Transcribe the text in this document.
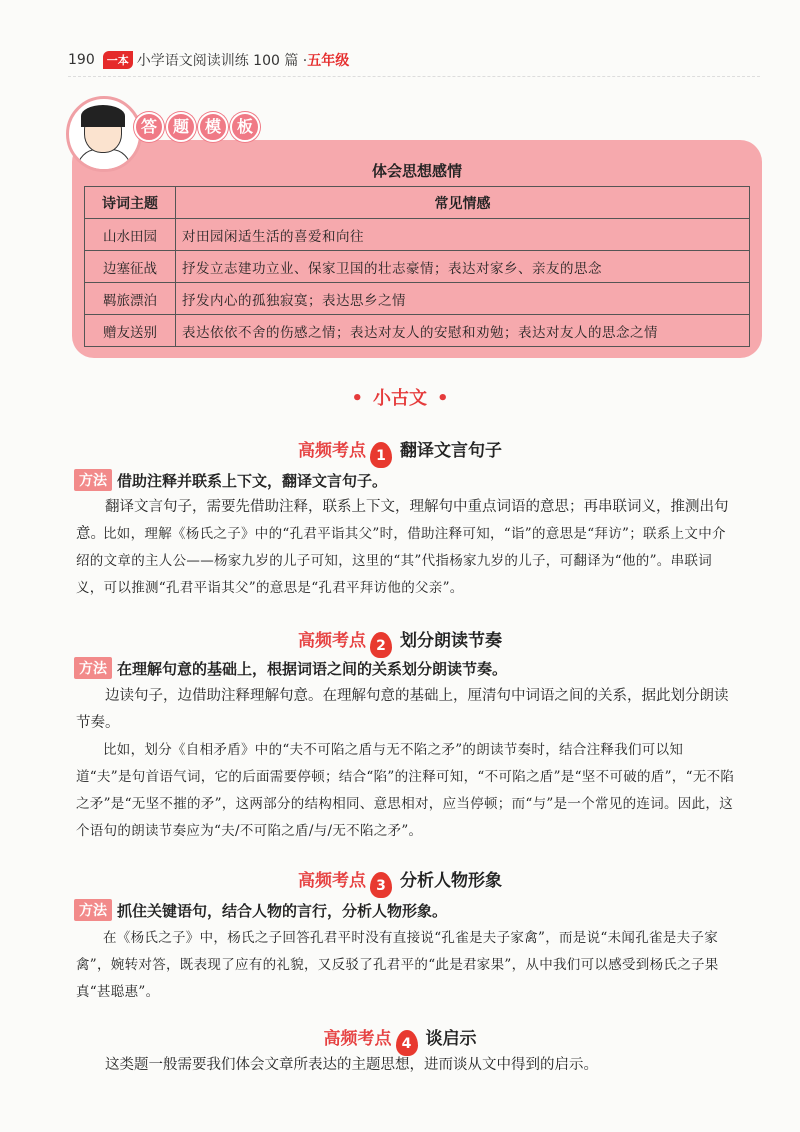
190	一本 小学语文阅读训练 100 篇 · 五年级
答 题 模 板
体会思想感情
诗词主题	常见情感
山水田园	对田园闲适生活的喜爱和向往
边塞征战	抒发立志建功立业、保家卫国的壮志豪情；表达对家乡、亲友的思念
羁旅漂泊	抒发内心的孤独寂寞；表达思乡之情
赠友送别	表达依依不舍的伤感之情；表达对友人的安慰和劝勉；表达对友人的思念之情
• 小古文 •
高频考点 1 翻译文言句子
方法 借助注释并联系上下文，翻译文言句子。

翻译文言句子，需要先借助注释，联系上下文，理解句中重点词语的意思；再串联词义，推测出句意。

比如，理解《杨氏之子》中的“孔君平诣其父”时，借助注释可知，“诣”的意思是“拜访”；联系上文中介绍的文章的主人公——杨家九岁的儿子可知，这里的“其”代指杨家九岁的儿子，可翻译为“他的”。串联词义，可以推测“孔君平诣其父”的意思是“孔君平拜访他的父亲”。

高频考点 2 划分朗读节奏
方法 在理解句意的基础上，根据词语之间的关系划分朗读节奏。

边读句子，边借助注释理解句意。在理解句意的基础上，厘清句中词语之间的关系，据此划分朗读节奏。

比如，划分《自相矛盾》中的“夫不可陷之盾与无不陷之矛”的朗读节奏时，结合注释我们可以知道“夫”是句首语气词，它的后面需要停顿；结合“陷”的注释可知，“不可陷之盾”是“坚不可破的盾”，“无不陷之矛”是“无坚不摧的矛”，这两部分的结构相同、意思相对，应当停顿；而“与”是一个常见的连词。因此，这个语句的朗读节奏应为“夫/不可陷之盾/与/无不陷之矛”。

高频考点 3 分析人物形象
方法 抓住关键语句，结合人物的言行，分析人物形象。

在《杨氏之子》中，杨氏之子回答孔君平时没有直接说“孔雀是夫子家禽”，而是说“未闻孔雀是夫子家禽”，婉转对答，既表现了应有的礼貌，又反驳了孔君平的“此是君家果”，从中我们可以感受到杨氏之子果真“甚聪惠”。

高频考点 4 谈启示

这类题一般需要我们体会文章所表达的主题思想，进而谈从文中得到的启示。
